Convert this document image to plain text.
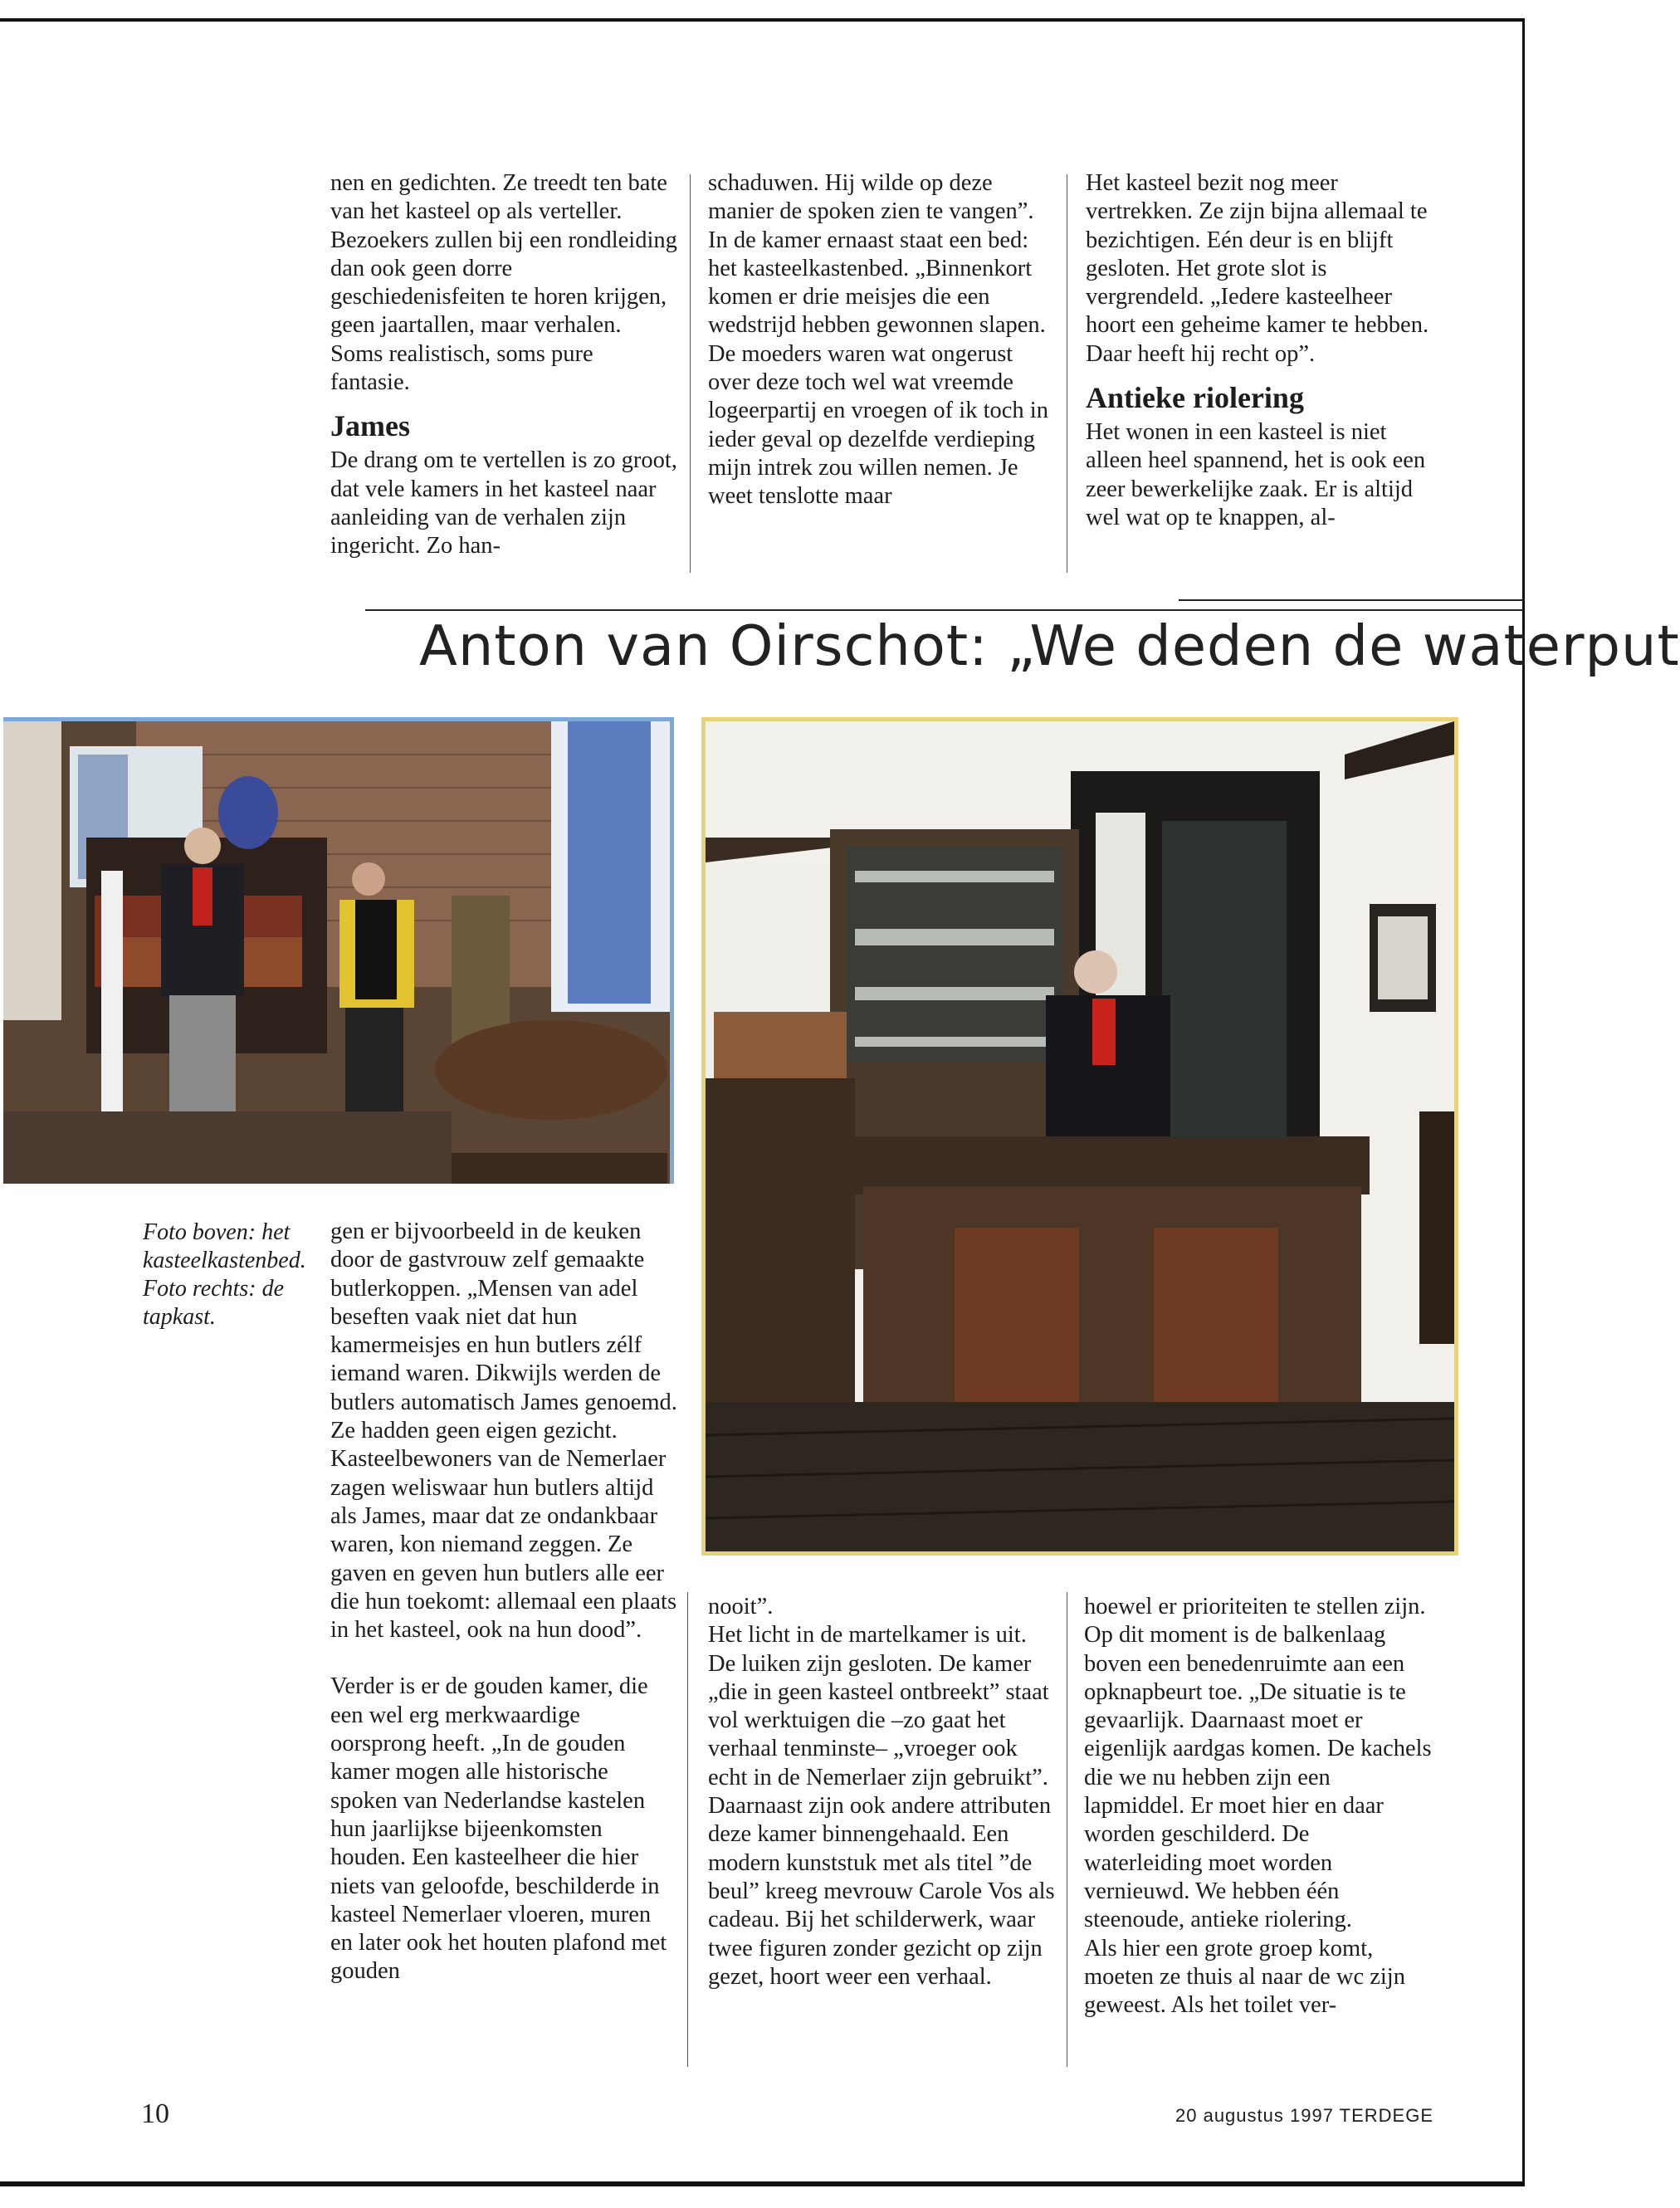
nen en gedichten. Ze treedt ten bate van het kasteel op als verteller. Bezoekers zullen bij een rondleiding dan ook geen dorre geschiedenisfeiten te horen krijgen, geen jaartallen, maar verhalen. Soms realistisch, soms pure fantasie.

James

De drang om te vertellen is zo groot, dat vele kamers in het kasteel naar aanleiding van de verhalen zijn ingericht. Zo han-

schaduwen. Hij wilde op deze manier de spoken zien te vangen”.

In de kamer ernaast staat een bed: het kasteelkastenbed. „Binnenkort komen er drie meisjes die een wedstrijd hebben gewonnen slapen. De moeders waren wat ongerust over deze toch wel wat vreemde logeerpartij en vroegen of ik toch in ieder geval op dezelfde verdieping mijn intrek zou willen nemen. Je weet tenslotte maar

Het kasteel bezit nog meer vertrekken. Ze zijn bijna allemaal te bezichtigen. Eén deur is en blijft gesloten. Het grote slot is vergrendeld. „Iedere kasteelheer hoort een geheime kamer te hebben. Daar heeft hij recht op”.

Antieke riolering

Het wonen in een kasteel is niet alleen heel spannend, het is ook een zeer bewerkelijke zaak. Er is altijd wel wat op te knappen, al-

Anton van Oirschot: „We deden de waterput

Foto boven: het kasteelkastenbed.

Foto rechts: de tapkast.

gen er bijvoorbeeld in de keuken door de gastvrouw zelf gemaakte butlerkoppen. „Mensen van adel beseften vaak niet dat hun kamermeisjes en hun butlers zélf iemand waren. Dikwijls werden de butlers automatisch James genoemd. Ze hadden geen eigen gezicht. Kasteelbewoners van de Nemerlaer zagen weliswaar hun butlers altijd als James, maar dat ze ondankbaar waren, kon niemand zeggen. Ze gaven en geven hun butlers alle eer die hun toekomt: allemaal een plaats in het kasteel, ook na hun dood”.

Verder is er de gouden kamer, die een wel erg merkwaardige oorsprong heeft. „In de gouden kamer mogen alle historische spoken van Nederlandse kastelen hun jaarlijkse bijeenkomsten houden. Een kasteelheer die hier niets van geloofde, beschilderde in kasteel Nemerlaer vloeren, muren en later ook het houten plafond met gouden

nooit”.

Het licht in de martelkamer is uit. De luiken zijn gesloten. De kamer „die in geen kasteel ontbreekt” staat vol werktuigen die –zo gaat het verhaal tenminste– „vroeger ook echt in de Nemerlaer zijn gebruikt”. Daarnaast zijn ook andere attributen deze kamer binnengehaald. Een modern kunststuk met als titel ”de beul” kreeg mevrouw Carole Vos als cadeau. Bij het schilderwerk, waar twee figuren zonder gezicht op zijn gezet, hoort weer een verhaal.

hoewel er prioriteiten te stellen zijn. Op dit moment is de balkenlaag boven een benedenruimte aan een opknapbeurt toe. „De situatie is te gevaarlijk. Daarnaast moet er eigenlijk aardgas komen. De kachels die we nu hebben zijn een lapmiddel. Er moet hier en daar worden geschilderd. De waterleiding moet worden vernieuwd. We hebben één steenoude, antieke riolering.

Als hier een grote groep komt, moeten ze thuis al naar de wc zijn geweest. Als het toilet ver-

10	20 augustus 1997 TERDEGE
